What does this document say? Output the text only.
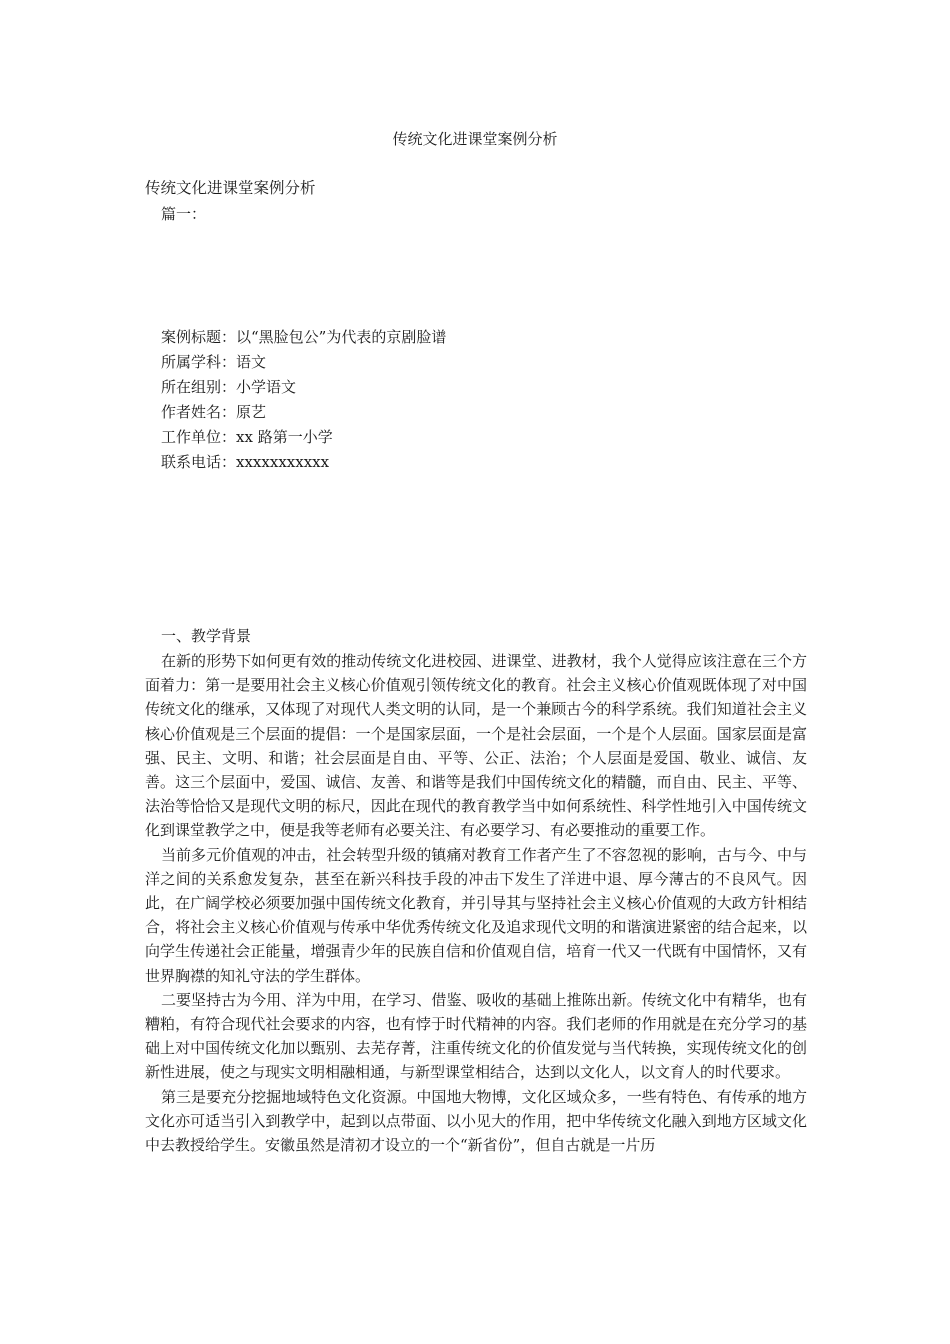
传统文化进课堂案例分析
传统文化进课堂案例分析
篇一：
案例标题：以“黑脸包公”为代表的京剧脸谱
所属学科：语文
所在组别：小学语文
作者姓名：原艺
工作单位：xx 路第一小学
联系电话：xxxxxxxxxxx
一、教学背景

在新的形势下如何更有效的推动传统文化进校园、进课堂、进教材，我个人觉得应该注意在三个方面着力：第一是要用社会主义核心价值观引领传统文化的教育。社会主义核心价值观既体现了对中国传统文化的继承，又体现了对现代人类文明的认同，是一个兼顾古今的科学系统。我们知道社会主义核心价值观是三个层面的提倡：一个是国家层面，一个是社会层面，一个是个人层面。国家层面是富强、民主、文明、和谐；社会层面是自由、平等、公正、法治；个人层面是爱国、敬业、诚信、友善。这三个层面中，爱国、诚信、友善、和谐等是我们中国传统文化的精髓，而自由、民主、平等、法治等恰恰又是现代文明的标尺，因此在现代的教育教学当中如何系统性、科学性地引入中国传统文化到课堂教学之中，便是我等老师有必要关注、有必要学习、有必要推动的重要工作。

当前多元价值观的冲击，社会转型升级的镇痛对教育工作者产生了不容忽视的影响，古与今、中与洋之间的关系愈发复杂，甚至在新兴科技手段的冲击下发生了洋进中退、厚今薄古的不良风气。因此，在广阔学校必须要加强中国传统文化教育，并引导其与坚持社会主义核心价值观的大政方针相结合，将社会主义核心价值观与传承中华优秀传统文化及追求现代文明的和谐演进紧密的结合起来，以向学生传递社会正能量，增强青少年的民族自信和价值观自信，培育一代又一代既有中国情怀，又有世界胸襟的知礼守法的学生群体。

二要坚持古为今用、洋为中用，在学习、借鉴、吸收的基础上推陈出新。传统文化中有精华，也有糟粕，有符合现代社会要求的内容，也有悖于时代精神的内容。我们老师的作用就是在充分学习的基础上对中国传统文化加以甄别、去芜存菁，注重传统文化的价值发觉与当代转换，实现传统文化的创新性进展，使之与现实文明相融相通，与新型课堂相结合，达到以文化人，以文育人的时代要求。

第三是要充分挖掘地域特色文化资源。中国地大物博，文化区域众多，一些有特色、有传承的地方文化亦可适当引入到教学中，起到以点带面、以小见大的作用，把中华传统文化融入到地方区域文化中去教授给学生。安徽虽然是清初才设立的一个“新省份”，但自古就是一片历
